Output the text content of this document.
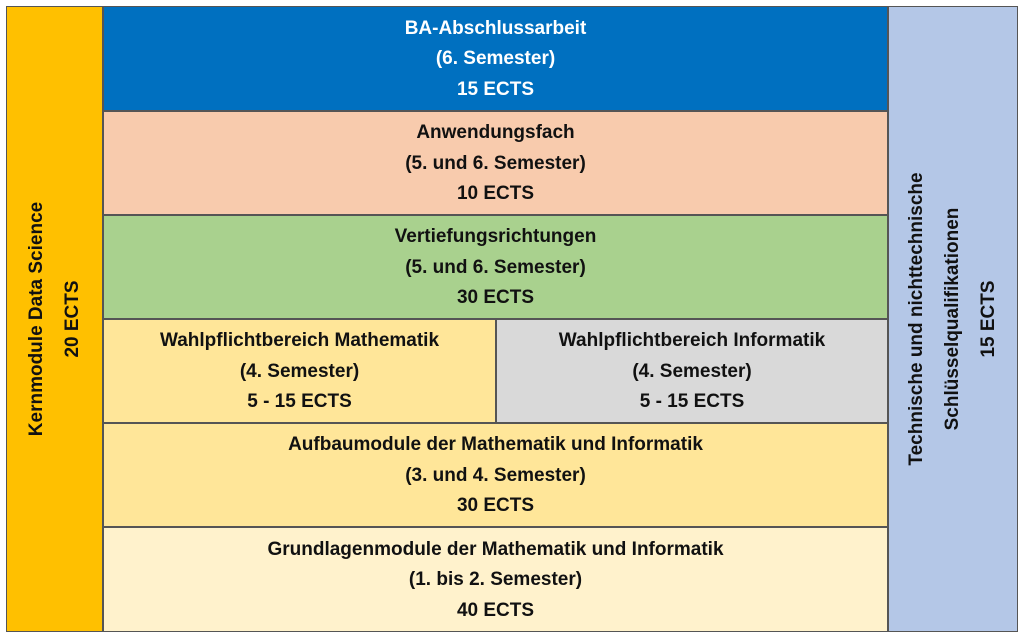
Kernmodule Data Science 20 ECTS
BA-Abschlussarbeit
(6. Semester)
15 ECTS
Anwendungsfach
(5. und 6. Semester)
10 ECTS
Vertiefungsrichtungen
(5. und 6. Semester)
30 ECTS
Wahlpflichtbereich Mathematik
(4. Semester)
5 - 15 ECTS
Wahlpflichtbereich Informatik
(4. Semester)
5 - 15 ECTS
Aufbaumodule der Mathematik und Informatik
(3. und 4. Semester)
30 ECTS
Grundlagenmodule der Mathematik und Informatik
(1. bis 2. Semester)
40 ECTS
Technische und nichttechnische Schlüsselqualifikationen 15 ECTS
